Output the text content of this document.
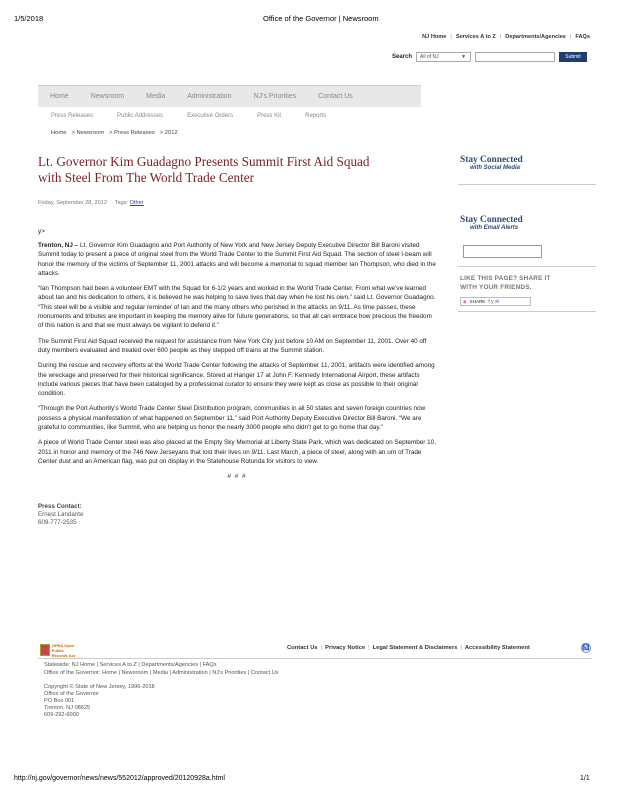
1/5/2018	Office of the Governor | Newsroom
NJ Home | Services A to Z | Departments/Agencies | FAQs
Search	All of NJ	▼	Submit
Home	Newsroom	Media	Administration	NJ's Priorities	Contact Us
Press Releases	Public Addresses	Executive Orders	Press Kit	Reports
Home > Newsroom > Press Releases > 2012
Lt. Governor Kim Guadagno Presents Summit First Aid Squad
with Steel From The World Trade Center
Friday, September 28, 2012 Tags: Other
y>

Trenton, NJ – Lt. Governor Kim Guadagno and Port Authority of New York and New Jersey Deputy Executive Director Bill Baroni visited Summit today to present a piece of original steel from the World Trade Center to the Summit First Aid Squad. The section of steel I-beam will honor the memory of the victims of September 11, 2001 attacks and will become a memorial to squad member Ian Thompson, who died in the attacks.

“Ian Thompson had been a volunteer EMT with the Squad for 6-1/2 years and worked in the World Trade Center. From what we've learned about Ian and his dedication to others, it is believed he was helping to save lives that day when he lost his own,” said Lt. Governor Guadagno. “This steel will be a visible and regular reminder of Ian and the many others who perished in the attacks on 9/11. As time passes, these monuments and tributes are important in keeping the memory alive for future generations, so that all can embrace how precious the freedom of this nation is and that we must always be vigilant to defend it.”

The Summit First Aid Squad received the request for assistance from New York City just before 10 AM on September 11, 2001. Over 40 off duty members evaluated and treated over 600 people as they stepped off trains at the Summit station.

During the rescue and recovery efforts at the World Trade Center following the attacks of September 11, 2001, artifacts were identified among the wreckage and preserved for their historical significance. Stored at Hanger 17 at John F. Kennedy International Airport, these artifacts include various pieces that have been cataloged by a professional curator to ensure they were kept as close as possible to their original condition.

“Through the Port Authority's World Trade Center Steel Distribution program, communities in all 50 states and seven foreign countries now possess a physical manifestation of what happened on September 11,” said Port Authority Deputy Executive Director Bill Baroni. “We are grateful to communities, like Summit, who are helping us honor the nearly 3000 people who didn't get to go home that day.”

A piece of World Trade Center steel was also placed at the Empty Sky Memorial at Liberty State Park, which was dedicated on September 10, 2011 in honor and memory of the 746 New Jerseyans that lost their lives on 9/11. Last March, a piece of steel, along with an urn of Trade Center dust and an American flag, was put on display in the Statehouse Rotunda for visitors to view.

# # #
Press Contact:
Ernest Landante
609-777-2535
Stay Connected
with Social Media
Stay Connected
with Email Alerts
LIKE THIS PAGE? SHARE IT
WITH YOUR FRIENDS.
◆ SHARE f y ✉
OPRA Open
Public Records Act
Contact Us | Privacy Notice | Legal Statement & Disclaimers | Accessibility Statement	♿
Statewide: NJ Home | Services A to Z | Departments/Agencies | FAQs
Office of the Governor: Home | Newsroom | Media | Administration | NJ's Priorities | Contact Us
Copyright © State of New Jersey, 1996-2018
Office of the Governor
PO Box 001
Trenton, NJ 08625
609-292-6000
http://nj.gov/governor/news/news/552012/approved/20120928a.html	1/1
